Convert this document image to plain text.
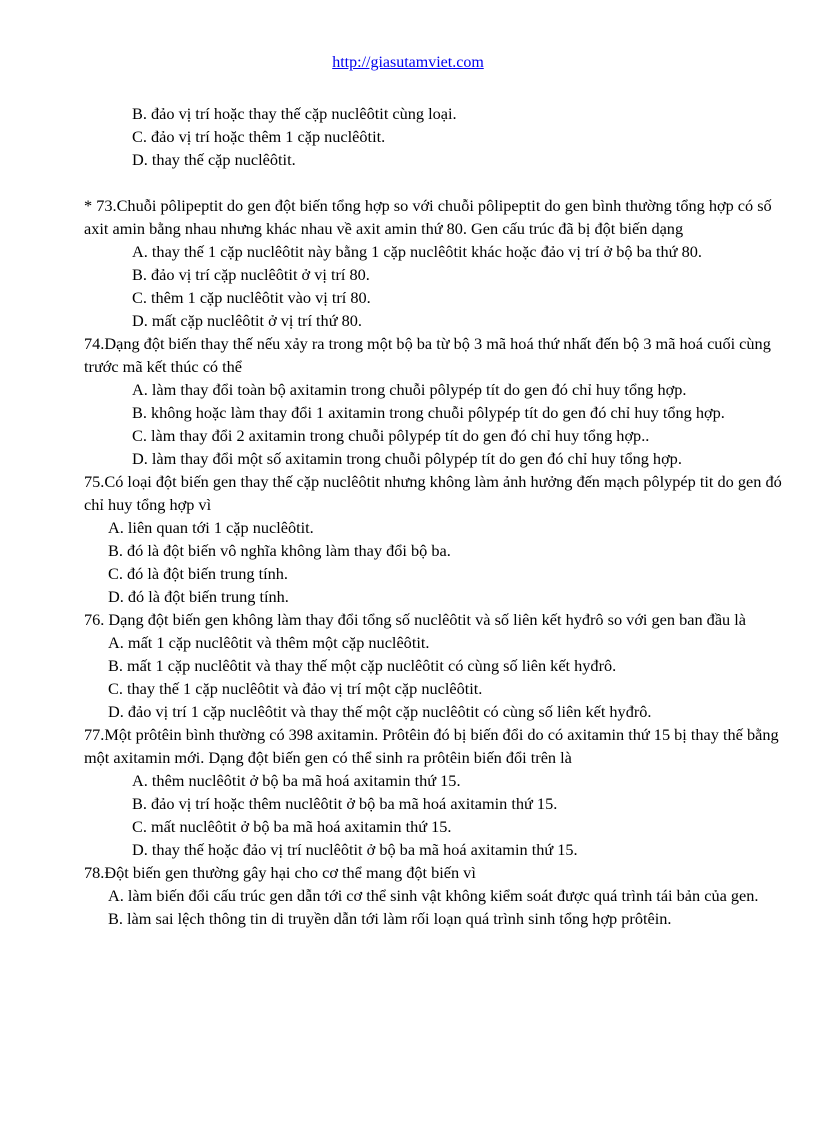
http://giasutamviet.com

B. đảo vị trí hoặc thay thế cặp nuclêôtit cùng loại.

C. đảo vị trí hoặc thêm 1 cặp nuclêôtit.

D. thay thế cặp nuclêôtit.

* 73.Chuỗi pôlipeptit do gen đột biến tổng hợp so với chuỗi pôlipeptit do gen bình thường tổng hợp có số axit amin bằng nhau nhưng khác nhau về axit amin thứ 80. Gen cấu trúc đã bị đột biến dạng

A. thay thế 1 cặp nuclêôtit này bằng 1 cặp nuclêôtit khác hoặc đảo vị trí ở bộ ba thứ 80.

B. đảo vị trí cặp nuclêôtit ở vị trí 80.

C. thêm 1 cặp nuclêôtit vào vị trí 80.

D. mất cặp nuclêôtit ở vị trí thứ 80.

74.Dạng đột biến thay thế nếu xảy ra trong một bộ ba từ bộ 3 mã hoá thứ nhất đến bộ 3 mã hoá cuối cùng trước mã kết thúc có thể

A. làm thay đổi toàn bộ axitamin trong chuỗi pôlypép tít do gen đó chỉ huy tổng hợp.

B. không hoặc làm thay đổi 1 axitamin trong chuỗi pôlypép tít do gen đó chỉ huy tổng hợp.

C. làm thay đổi 2 axitamin trong chuỗi pôlypép tít do gen đó chỉ huy tổng hợp..

D. làm thay đổi một số axitamin trong chuỗi pôlypép tít do gen đó chỉ huy tổng hợp.

75.Có loại đột biến gen thay thế cặp nuclêôtit nhưng không làm ảnh hưởng đến mạch pôlypép tit do gen đó chỉ huy tổng hợp vì

A. liên quan tới 1 cặp nuclêôtit.

B. đó là đột biến vô nghĩa không làm thay đổi bộ ba.

C. đó là đột biến trung tính.

D. đó là đột biến trung tính.

76. Dạng đột biến gen không làm thay đổi tổng số nuclêôtit và số liên kết hyđrô so với gen ban đầu là

A. mất 1 cặp nuclêôtit và thêm một cặp nuclêôtit.

B. mất 1 cặp nuclêôtit và thay thế một cặp nuclêôtit có cùng số liên kết hyđrô.

C. thay thế 1 cặp nuclêôtit và đảo vị trí một cặp nuclêôtit.

D. đảo vị trí 1 cặp nuclêôtit và thay thế một cặp nuclêôtit có cùng số liên kết hyđrô.

77.Một prôtêin bình thường có 398 axitamin. Prôtêin đó bị biến đổi do có axitamin thứ 15 bị thay thế bằng một axitamin mới. Dạng đột biến gen có thể sinh ra prôtêin biến đổi trên là

A. thêm nuclêôtit ở bộ ba mã hoá axitamin thứ 15.

B. đảo vị trí hoặc thêm nuclêôtit ở bộ ba mã hoá axitamin thứ 15.

C. mất nuclêôtit ở bộ ba mã hoá axitamin thứ 15.

D. thay thế hoặc đảo vị trí nuclêôtit ở bộ ba mã hoá axitamin thứ 15.

78.Đột biến gen thường gây hại cho cơ thể mang đột biến vì

A. làm biến đổi cấu trúc gen dẫn tới cơ thể sinh vật không kiểm soát được quá trình tái bản của gen.

B. làm sai lệch thông tin di truyền dẫn tới làm rối loạn quá trình sinh tổng hợp prôtêin.
